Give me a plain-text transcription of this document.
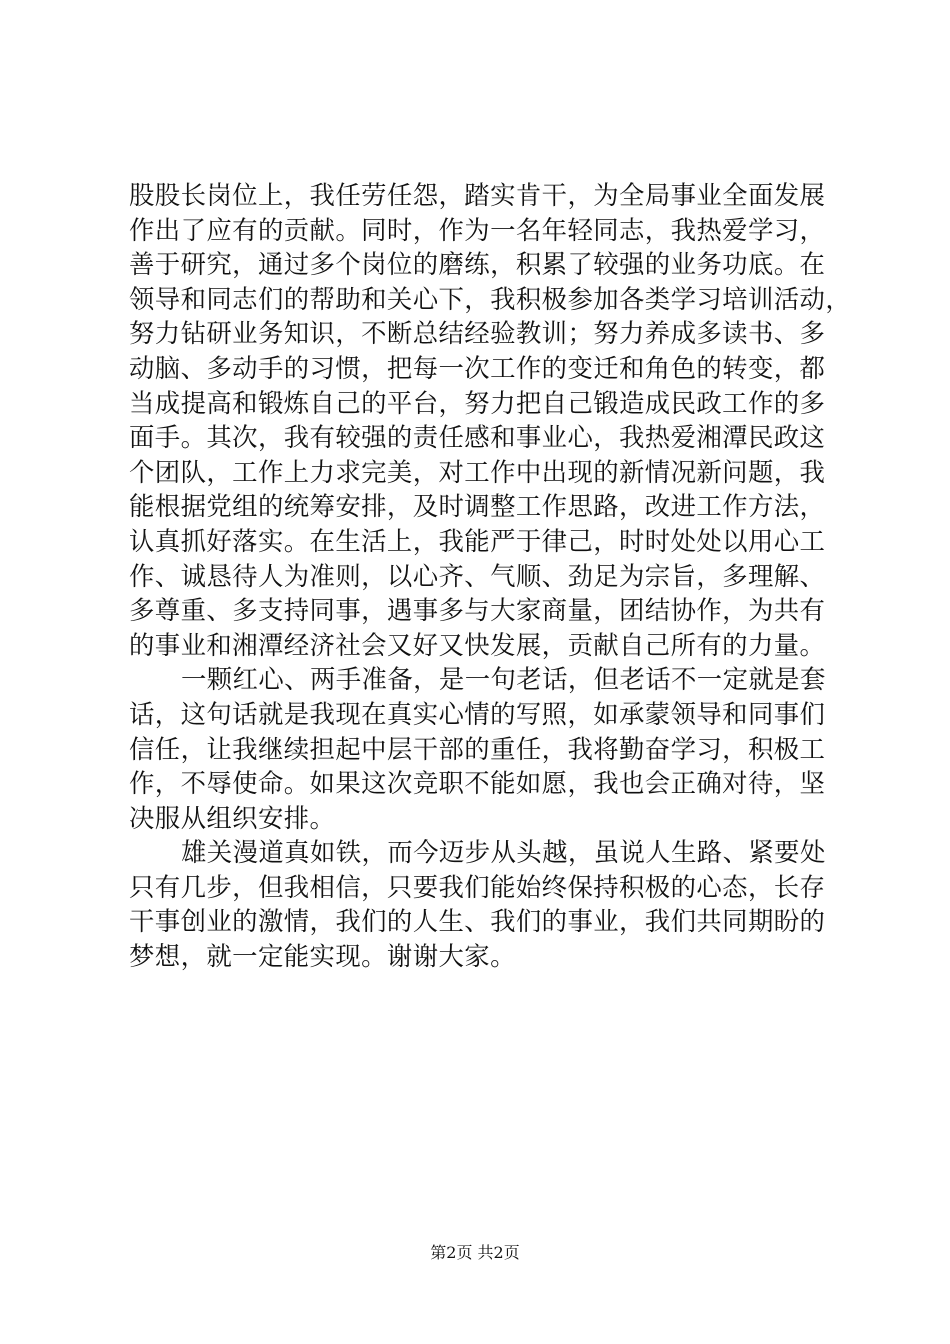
股股长岗位上，我任劳任怨，踏实肯干，为全局事业全面发展
作出了应有的贡献。同时，作为一名年轻同志，我热爱学习，
善于研究，通过多个岗位的磨练，积累了较强的业务功底。在
领导和同志们的帮助和关心下，我积极参加各类学习培训活动，
努力钻研业务知识，不断总结经验教训；努力养成多读书、多
动脑、多动手的习惯，把每一次工作的变迁和角色的转变，都
当成提高和锻炼自己的平台，努力把自己锻造成民政工作的多
面手。其次，我有较强的责任感和事业心，我热爱湘潭民政这
个团队，工作上力求完美，对工作中出现的新情况新问题，我
能根据党组的统筹安排，及时调整工作思路，改进工作方法，
认真抓好落实。在生活上，我能严于律己，时时处处以用心工
作、诚恳待人为准则，以心齐、气顺、劲足为宗旨，多理解、
多尊重、多支持同事，遇事多与大家商量，团结协作，为共有
的事业和湘潭经济社会又好又快发展，贡献自己所有的力量。
一颗红心、两手准备，是一句老话，但老话不一定就是套
话，这句话就是我现在真实心情的写照，如承蒙领导和同事们
信任，让我继续担起中层干部的重任，我将勤奋学习，积极工
作，不辱使命。如果这次竞职不能如愿，我也会正确对待，坚
决服从组织安排。
雄关漫道真如铁，而今迈步从头越，虽说人生路、紧要处
只有几步，但我相信，只要我们能始终保持积极的心态，长存
干事创业的激情，我们的人生、我们的事业，我们共同期盼的
梦想，就一定能实现。谢谢大家。
第2页 共2页
